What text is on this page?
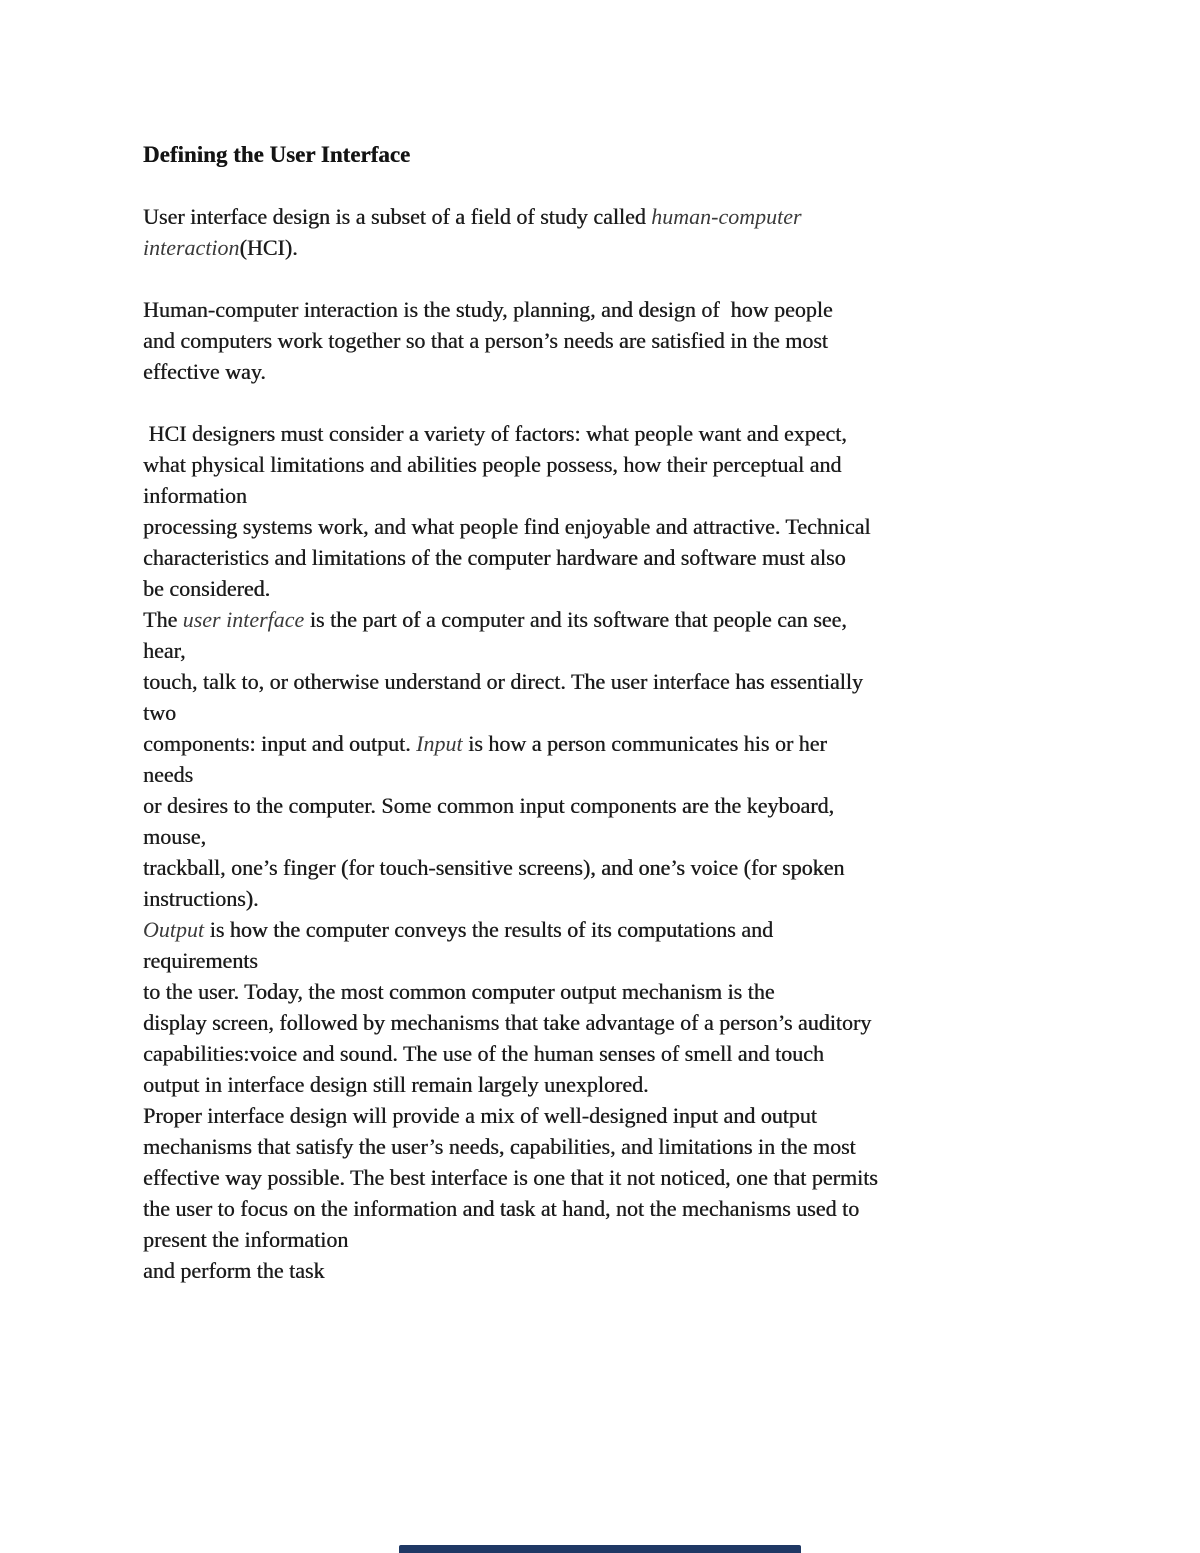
Defining the User Interface
User interface design is a subset of a field of study called human-computer
interaction(HCI).
Human-computer interaction is the study, planning, and design of  how people
and computers work together so that a person’s needs are satisfied in the most
effective way.
HCI designers must consider a variety of factors: what people want and expect,
what physical limitations and abilities people possess, how their perceptual and
information
processing systems work, and what people find enjoyable and attractive. Technical
characteristics and limitations of the computer hardware and software must also
be considered.
The user interface is the part of a computer and its software that people can see,
hear,
touch, talk to, or otherwise understand or direct. The user interface has essentially
two
components: input and output. Input is how a person communicates his or her
needs
or desires to the computer. Some common input components are the keyboard,
mouse,
trackball, one’s finger (for touch-sensitive screens), and one’s voice (for spoken
instructions).
Output is how the computer conveys the results of its computations and
requirements
to the user. Today, the most common computer output mechanism is the
display screen, followed by mechanisms that take advantage of a person’s auditory
capabilities:voice and sound. The use of the human senses of smell and touch
output in interface design still remain largely unexplored.
Proper interface design will provide a mix of well-designed input and output
mechanisms that satisfy the user’s needs, capabilities, and limitations in the most
effective way possible. The best interface is one that it not noticed, one that permits
the user to focus on the information and task at hand, not the mechanisms used to
present the information
and perform the task
